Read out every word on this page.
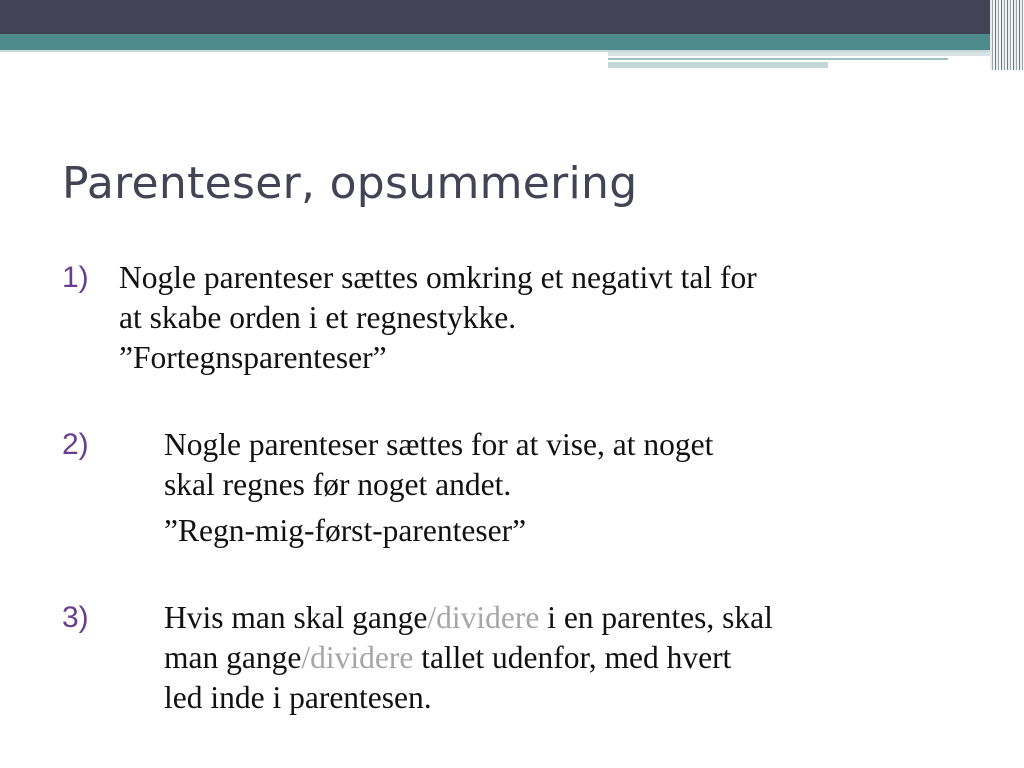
Parenteser, opsummering
1) Nogle parenteser sættes omkring et negativt tal for
at skabe orden i et regnestykke.
”Fortegnsparenteser”
2) Nogle parenteser sættes for at vise, at noget
skal regnes før noget andet.
”Regn-mig-først-parenteser”
3) Hvis man skal gange/dividere i en parentes, skal
man gange/dividere tallet udenfor, med hvert
led inde i parentesen.
